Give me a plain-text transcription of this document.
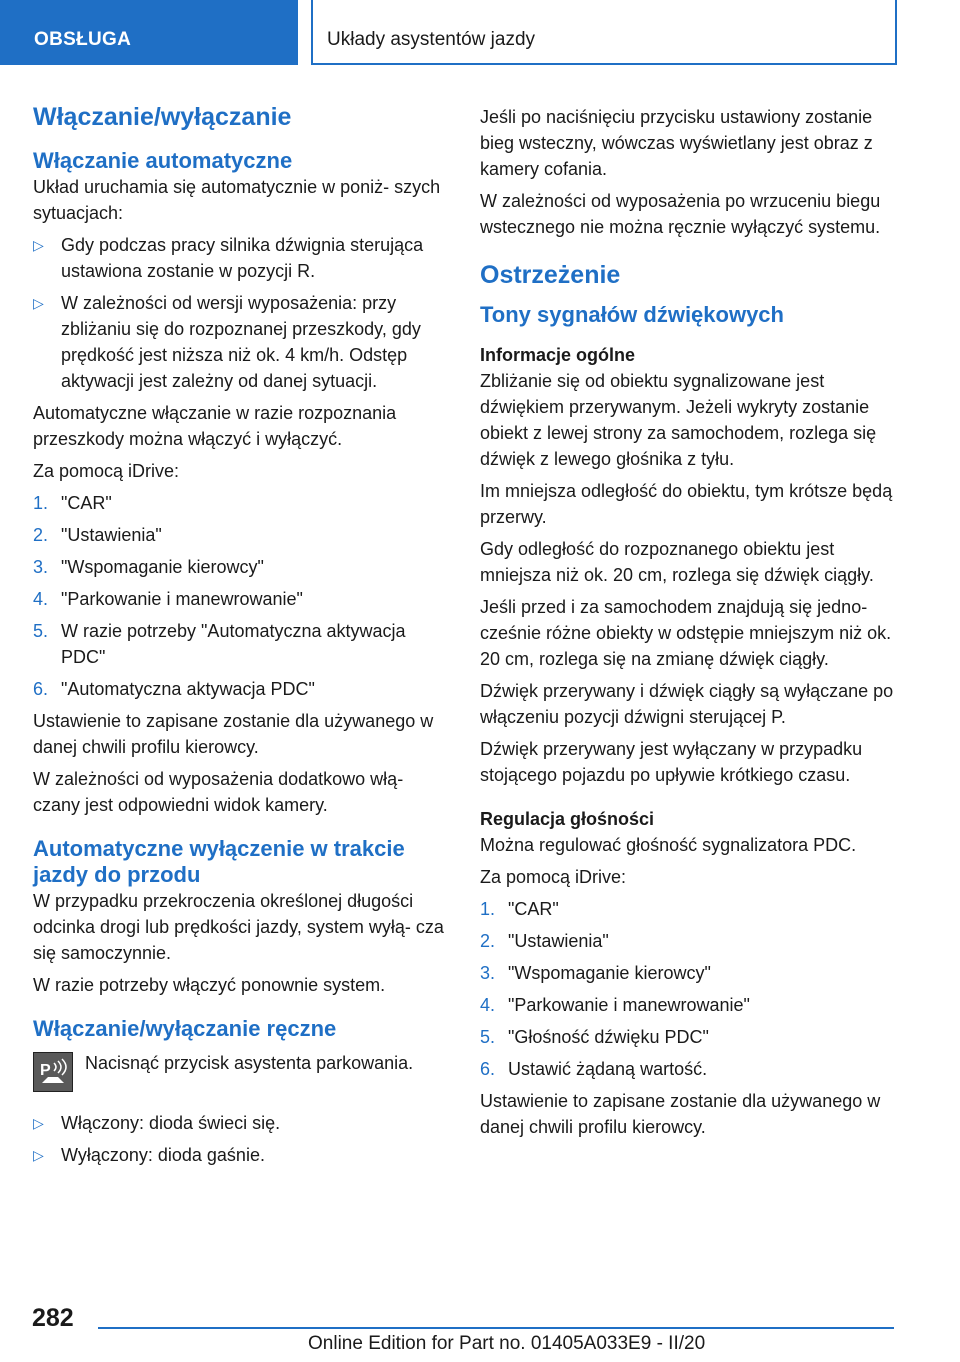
OBSŁUGA	Układy asystentów jazdy
Włączanie/wyłączanie
Włączanie automatyczne

Układ uruchamia się automatycznie w poniż‐ szych sytuacjach:

▷ Gdy podczas pracy silnika dźwignia sterująca ustawiona zostanie w pozycji R.
▷ W zależności od wersji wyposażenia: przy zbliżaniu się do rozpoznanej przeszkody, gdy prędkość jest niższa niż ok. 4 km/h. Odstęp aktywacji jest zależny od danej sytuacji.

Automatyczne włączanie w razie rozpoznania przeszkody można włączyć i wyłączyć.

Za pomocą iDrive:

1. "CAR"
2. "Ustawienia"
3. "Wspomaganie kierowcy"
4. "Parkowanie i manewrowanie"
5. W razie potrzeby "Automatyczna aktywacja PDC"
6. "Automatyczna aktywacja PDC"

Ustawienie to zapisane zostanie dla używanego w danej chwili profilu kierowcy.

W zależności od wyposażenia dodatkowo włą‐ czany jest odpowiedni widok kamery.

Automatyczne wyłączenie w trakcie jazdy do przodu

W przypadku przekroczenia określonej długości odcinka drogi lub prędkości jazdy, system wyłą‐ cza się samoczynnie.

W razie potrzeby włączyć ponownie system.

Włączanie/wyłączanie ręczne
P Nacisnąć przycisk asystenta parkowania.

▷ Włączony: dioda świeci się.
▷ Wyłączony: dioda gaśnie.

Jeśli po naciśnięciu przycisku ustawiony zostanie bieg wsteczny, wówczas wyświetlany jest obraz z kamery cofania.

W zależności od wyposażenia po wrzuceniu biegu wstecznego nie można ręcznie wyłączyć systemu.

Ostrzeżenie
Tony sygnałów dźwiękowych
Informacje ogólne

Zbliżanie się od obiektu sygnalizowane jest dźwiękiem przerywanym. Jeżeli wykryty zostanie obiekt z lewej strony za samochodem, rozlega się dźwięk z lewego głośnika z tyłu.

Im mniejsza odległość do obiektu, tym krótsze będą przerwy.

Gdy odległość do rozpoznanego obiektu jest mniejsza niż ok. 20 cm, rozlega się dźwięk ciągły.

Jeśli przed i za samochodem znajdują się jedno‐ cześnie różne obiekty w odstępie mniejszym niż ok. 20 cm, rozlega się na zmianę dźwięk ciągły.

Dźwięk przerywany i dźwięk ciągły są wyłączane po włączeniu pozycji dźwigni sterującej P.

Dźwięk przerywany jest wyłączany w przypadku stojącego pojazdu po upływie krótkiego czasu.

Regulacja głośności

Można regulować głośność sygnalizatora PDC.

Za pomocą iDrive:

1. "CAR"
2. "Ustawienia"
3. "Wspomaganie kierowcy"
4. "Parkowanie i manewrowanie"
5. "Głośność dźwięku PDC"
6. Ustawić żądaną wartość.

Ustawienie to zapisane zostanie dla używanego w danej chwili profilu kierowcy.

282
Online Edition for Part no. 01405A033E9 - II/20
